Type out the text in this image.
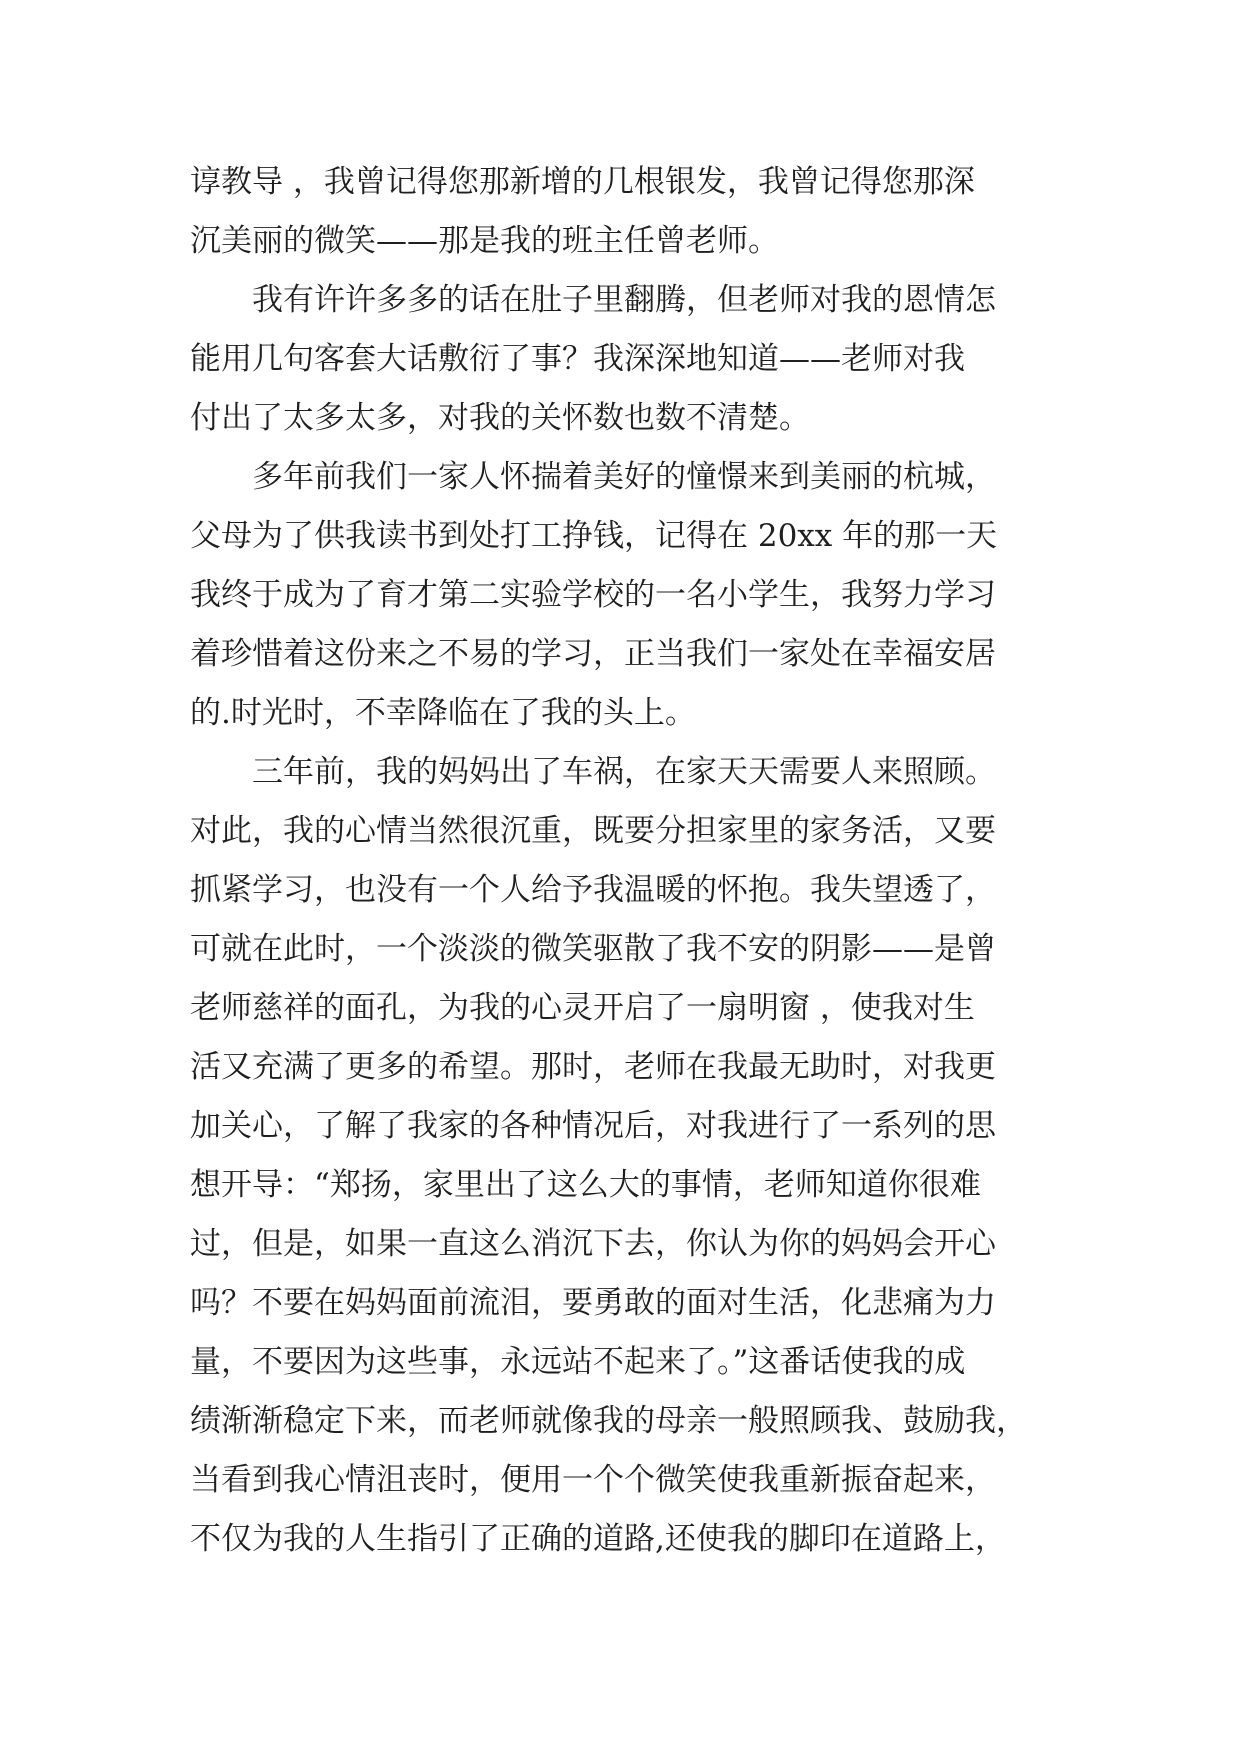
谆教导 ，我曾记得您那新增的几根银发，我曾记得您那深
沉美丽的微笑——那是我的班主任曾老师。
　　我有许许多多的话在肚子里翻腾，但老师对我的恩情怎
能用几句客套大话敷衍了事？我深深地知道——老师对我
付出了太多太多，对我的关怀数也数不清楚。
　　多年前我们一家人怀揣着美好的憧憬来到美丽的杭城，
父母为了供我读书到处打工挣钱，记得在 20xx 年的那一天
我终于成为了育才第二实验学校的一名小学生，我努力学习
着珍惜着这份来之不易的学习，正当我们一家处在幸福安居
的.时光时，不幸降临在了我的头上。
　　三年前，我的妈妈出了车祸，在家天天需要人来照顾。
对此，我的心情当然很沉重，既要分担家里的家务活，又要
抓紧学习，也没有一个人给予我温暖的怀抱。我失望透了，
可就在此时，一个淡淡的微笑驱散了我不安的阴影——是曾
老师慈祥的面孔，为我的心灵开启了一扇明窗 ，使我对生
活又充满了更多的希望。那时，老师在我最无助时，对我更
加关心，了解了我家的各种情况后，对我进行了一系列的思
想开导：“郑扬，家里出了这么大的事情，老师知道你很难
过，但是，如果一直这么消沉下去，你认为你的妈妈会开心
吗？不要在妈妈面前流泪，要勇敢的面对生活，化悲痛为力
量，不要因为这些事，永远站不起来了。”这番话使我的成
绩渐渐稳定下来，而老师就像我的母亲一般照顾我、鼓励我，
当看到我心情沮丧时，便用一个个微笑使我重新振奋起来，
不仅为我的人生指引了正确的道路,还使我的脚印在道路上，
